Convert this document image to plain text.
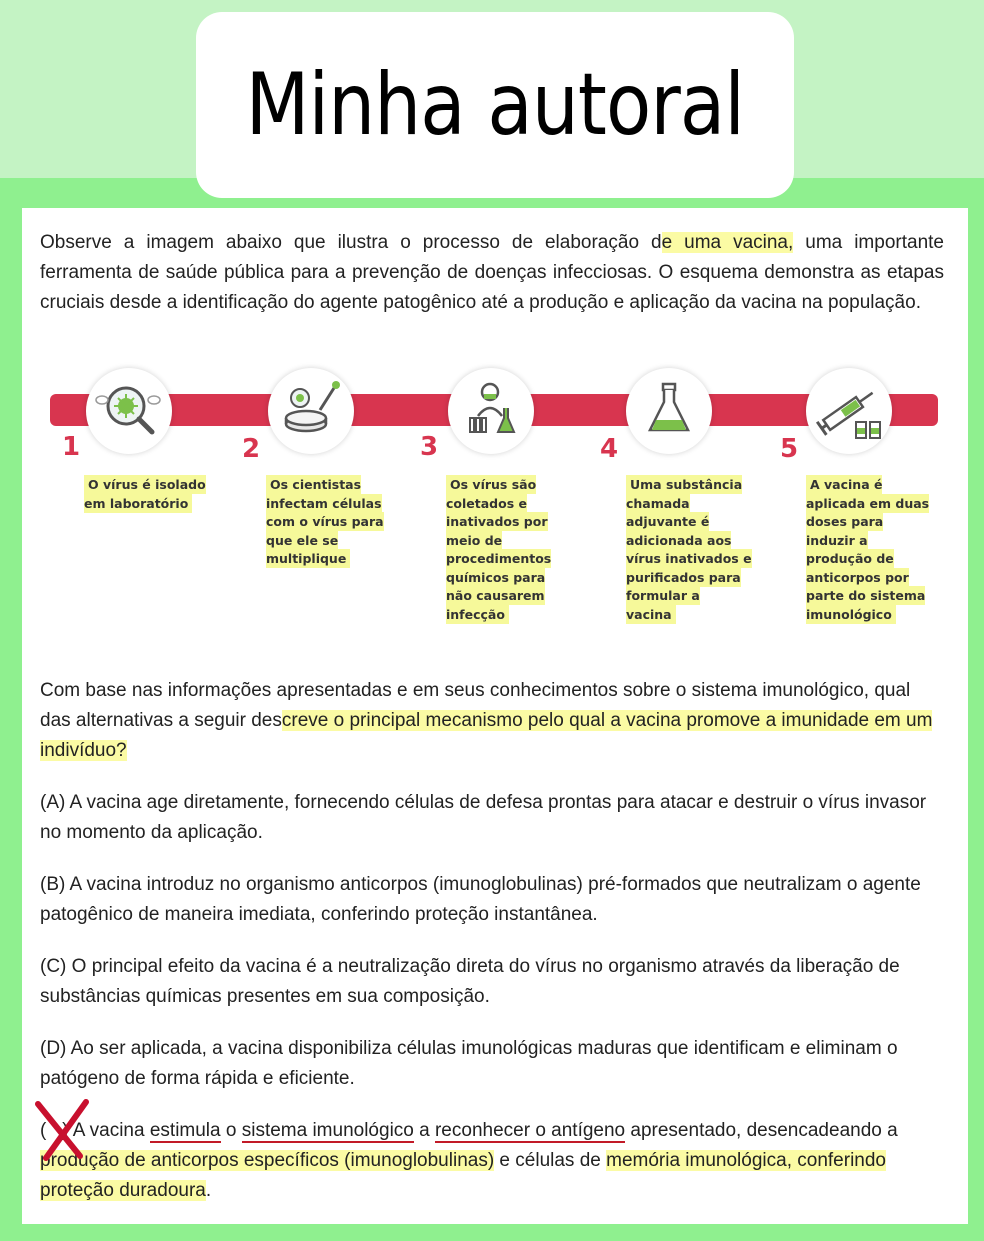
Minha autoral
Observe a imagem abaixo que ilustra o processo de elaboração de uma vacina, uma importante ferramenta de saúde pública para a prevenção de doenças infecciosas. O esquema demonstra as etapas cruciais desde a identificação do agente patogênico até a produção e aplicação da vacina na população.
1
O vírus é isolado em laboratório
2
Os cientistas infectam células com o vírus para que ele se multiplique
3
Os vírus são coletados e inativados por meio de procedimentos químicos para não causarem infecção
4
Uma substância chamada adjuvante é adicionada aos vírus inativados e purificados para formular a vacina
5
A vacina é aplicada em duas doses para induzir a produção de anticorpos por parte do sistema imunológico
Com base nas informações apresentadas e em seus conhecimentos sobre o sistema imunológico, qual das alternativas a seguir descreve o principal mecanismo pelo qual a vacina promove a imunidade em um indivíduo?
(A) A vacina age diretamente, fornecendo células de defesa prontas para atacar e destruir o vírus invasor no momento da aplicação.
(B) A vacina introduz no organismo anticorpos (imunoglobulinas) pré-formados que neutralizam o agente patogênico de maneira imediata, conferindo proteção instantânea.
(C) O principal efeito da vacina é a neutralização direta do vírus no organismo através da liberação de substâncias químicas presentes em sua composição.
(D) Ao ser aplicada, a vacina disponibiliza células imunológicas maduras que identificam e eliminam o patógeno de forma rápida e eficiente.
( ) A vacina estimula o sistema imunológico a reconhecer o antígeno apresentado, desencadeando a produção de anticorpos específicos (imunoglobulinas) e células de memória imunológica, conferindo proteção duradoura.
